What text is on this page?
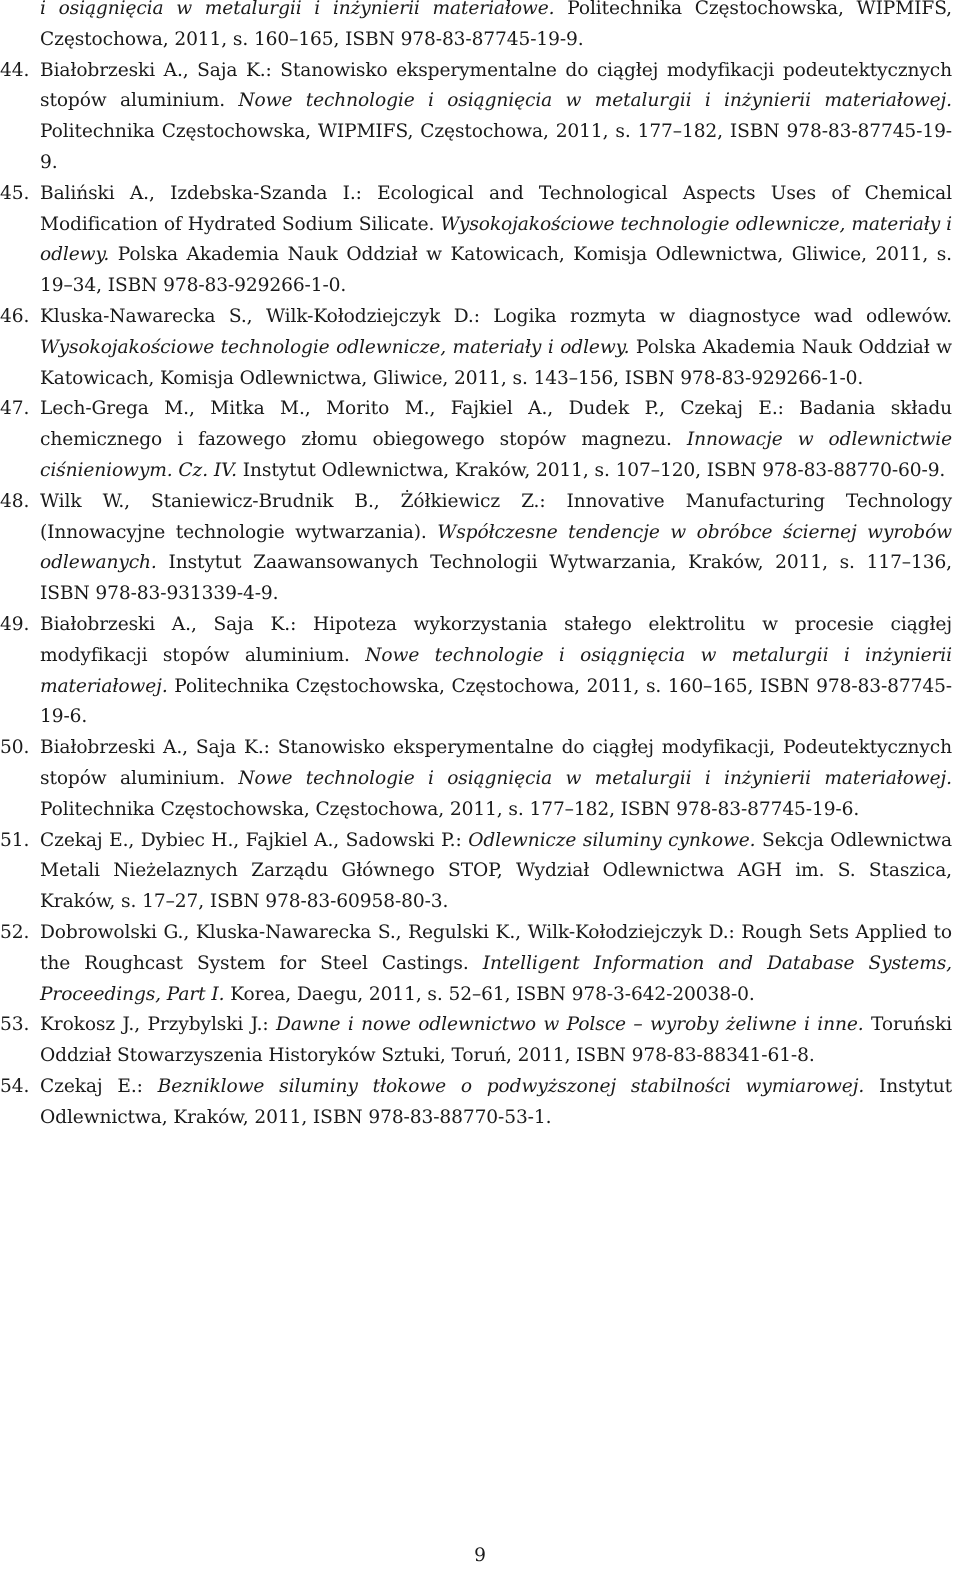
i osiągnięcia w metalurgii i inżynierii materiałowe. Politechnika Częstochowska, WIPMIFS, Częstochowa, 2011, s. 160–165, ISBN 978-83-87745-19-9.
44. Białobrzeski A., Saja K.: Stanowisko eksperymentalne do ciągłej modyfikacji podeutektycznych stopów aluminium. Nowe technologie i osiągnięcia w metalurgii i inżynierii materiałowej. Politechnika Częstochowska, WIPMIFS, Częstochowa, 2011, s. 177–182, ISBN 978-83-87745-19-9.
45. Baliński A., Izdebska-Szanda I.: Ecological and Technological Aspects Uses of Chemical Modification of Hydrated Sodium Silicate. Wysokojakościowe technologie odlewnicze, materiały i odlewy. Polska Akademia Nauk Oddział w Katowicach, Komisja Odlewnictwa, Gliwice, 2011, s. 19–34, ISBN 978-83-929266-1-0.
46. Kluska-Nawarecka S., Wilk-Kołodziejczyk D.: Logika rozmyta w diagnostyce wad odlewów. Wysokojakościowe technologie odlewnicze, materiały i odlewy. Polska Akademia Nauk Oddział w Katowicach, Komisja Odlewnictwa, Gliwice, 2011, s. 143–156, ISBN 978-83-929266-1-0.
47. Lech-Grega M., Mitka M., Morito M., Fajkiel A., Dudek P., Czekaj E.: Badania składu chemicznego i fazowego złomu obiegowego stopów magnezu. Innowacje w odlewnictwie ciśnieniowym. Cz. IV. Instytut Odlewnictwa, Kraków, 2011, s. 107–120, ISBN 978-83-88770-60-9.
48. Wilk W., Staniewicz-Brudnik B., Żółkiewicz Z.: Innovative Manufacturing Technology (Innowacyjne technologie wytwarzania). Współczesne tendencje w obróbce ściernej wyrobów odlewanych. Instytut Zaawansowanych Technologii Wytwarzania, Kraków, 2011, s. 117–136, ISBN 978-83-931339-4-9.
49. Białobrzeski A., Saja K.: Hipoteza wykorzystania stałego elektrolitu w procesie ciągłej modyfikacji stopów aluminium. Nowe technologie i osiągnięcia w metalurgii i inżynierii materiałowej. Politechnika Częstochowska, Częstochowa, 2011, s. 160–165, ISBN 978-83-87745-19-6.
50. Białobrzeski A., Saja K.: Stanowisko eksperymentalne do ciągłej modyfikacji, Podeutektycznych stopów aluminium. Nowe technologie i osiągnięcia w metalurgii i inżynierii materiałowej. Politechnika Częstochowska, Częstochowa, 2011, s. 177–182, ISBN 978-83-87745-19-6.
51. Czekaj E., Dybiec H., Fajkiel A., Sadowski P.: Odlewnicze siluminy cynkowe. Sekcja Odlewnictwa Metali Nieżelaznych Zarządu Głównego STOP, Wydział Odlewnictwa AGH im. S. Staszica, Kraków, s. 17–27, ISBN 978-83-60958-80-3.
52. Dobrowolski G., Kluska-Nawarecka S., Regulski K., Wilk-Kołodziejczyk D.: Rough Sets Applied to the Roughcast System for Steel Castings. Intelligent Information and Database Systems, Proceedings, Part I. Korea, Daegu, 2011, s. 52–61, ISBN 978-3-642-20038-0.
53. Krokosz J., Przybylski J.: Dawne i nowe odlewnictwo w Polsce – wyroby żeliwne i inne. Toruński Oddział Stowarzyszenia Historyków Sztuki, Toruń, 2011, ISBN 978-83-88341-61-8.
54. Czekaj E.: Bezniklowe siluminy tłokowe o podwyższonej stabilności wymiarowej. Instytut Odlewnictwa, Kraków, 2011, ISBN 978-83-88770-53-1.
9
